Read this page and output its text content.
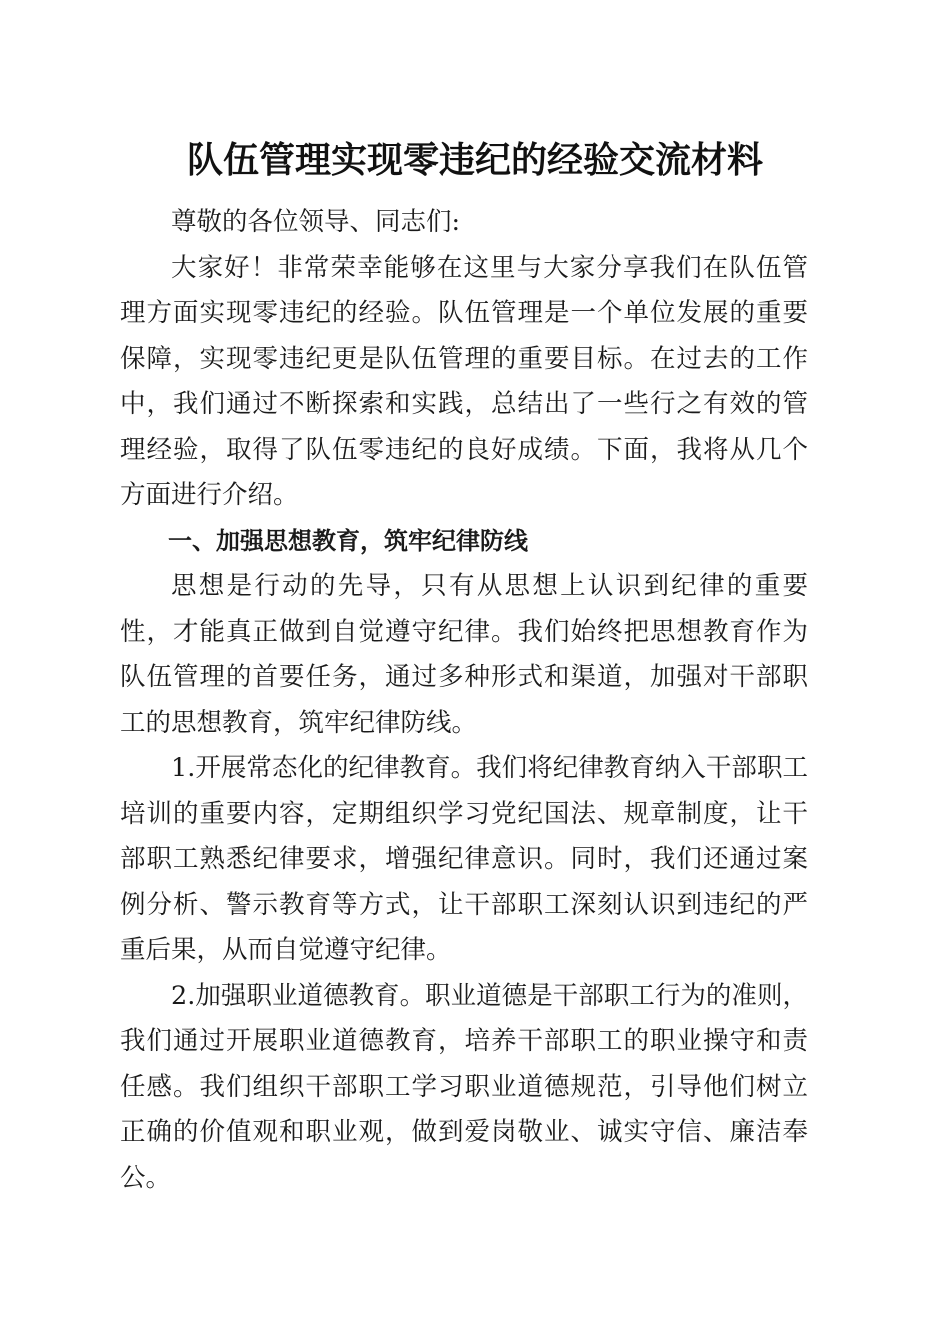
队伍管理实现零违纪的经验交流材料

尊敬的各位领导、同志们:

大家好！非常荣幸能够在这里与大家分享我们在队伍管理方面实现零违纪的经验。队伍管理是一个单位发展的重要保障，实现零违纪更是队伍管理的重要目标。在过去的工作中，我们通过不断探索和实践，总结出了一些行之有效的管理经验，取得了队伍零违纪的良好成绩。下面，我将从几个方面进行介绍。

一、加强思想教育，筑牢纪律防线

思想是行动的先导，只有从思想上认识到纪律的重要性，才能真正做到自觉遵守纪律。我们始终把思想教育作为队伍管理的首要任务，通过多种形式和渠道，加强对干部职工的思想教育，筑牢纪律防线。

1.开展常态化的纪律教育。我们将纪律教育纳入干部职工培训的重要内容，定期组织学习党纪国法、规章制度，让干部职工熟悉纪律要求，增强纪律意识。同时，我们还通过案例分析、警示教育等方式，让干部职工深刻认识到违纪的严重后果，从而自觉遵守纪律。

2.加强职业道德教育。职业道德是干部职工行为的准则，我们通过开展职业道德教育，培养干部职工的职业操守和责任感。我们组织干部职工学习职业道德规范，引导他们树立正确的价值观和职业观，做到爱岗敬业、诚实守信、廉洁奉公。
